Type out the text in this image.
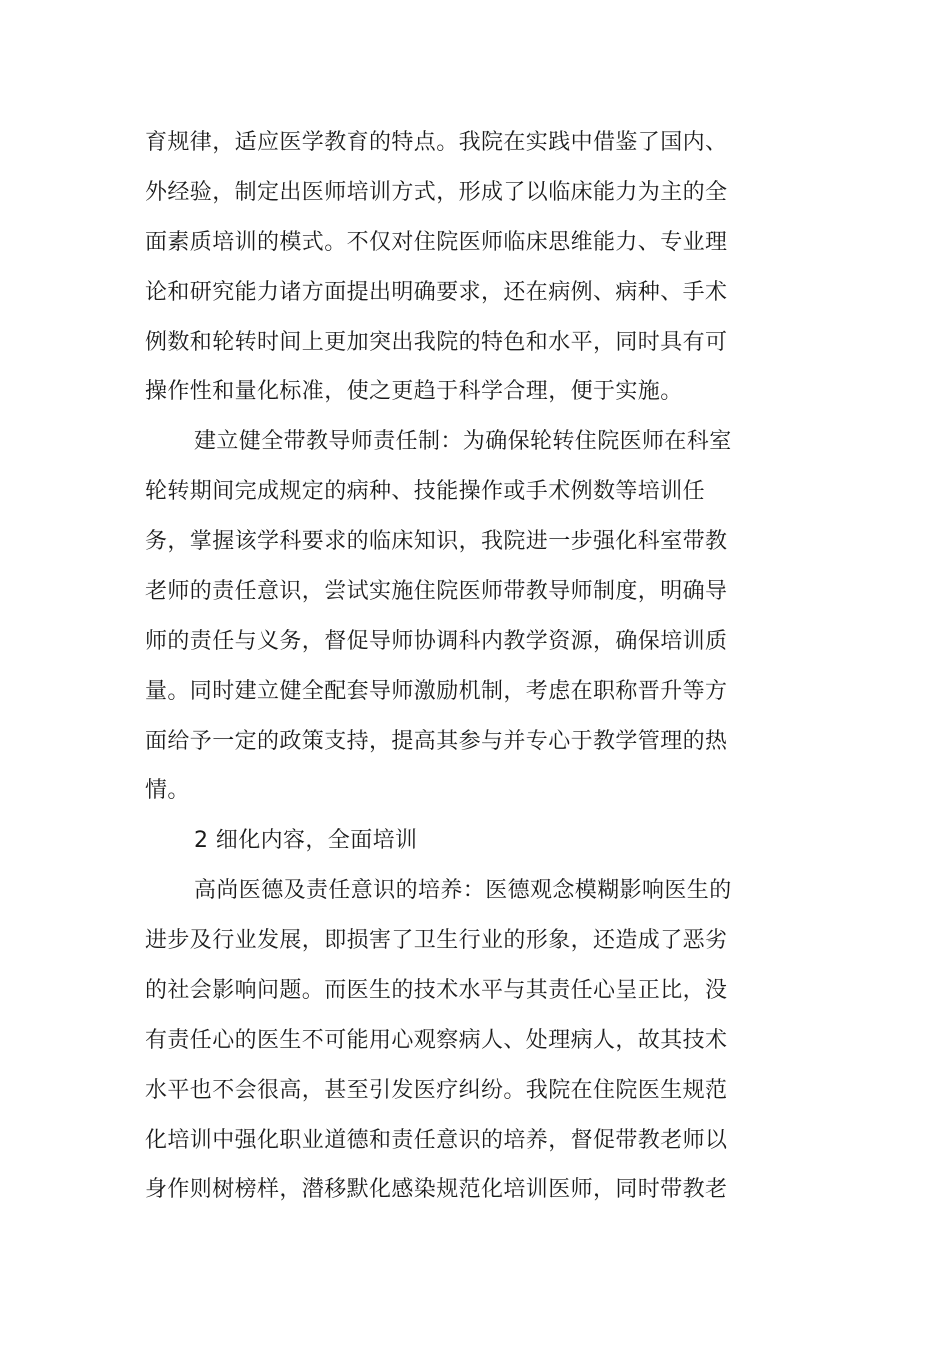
育规律，适应医学教育的特点。我院在实践中借鉴了国内、
外经验，制定出医师培训方式，形成了以临床能力为主的全
面素质培训的模式。不仅对住院医师临床思维能力、专业理
论和研究能力诸方面提出明确要求，还在病例、病种、手术
例数和轮转时间上更加突出我院的特色和水平，同时具有可
操作性和量化标准，使之更趋于科学合理，便于实施。
建立健全带教导师责任制：为确保轮转住院医师在科室
轮转期间完成规定的病种、技能操作或手术例数等培训任
务，掌握该学科要求的临床知识，我院进一步强化科室带教
老师的责任意识，尝试实施住院医师带教导师制度，明确导
师的责任与义务，督促导师协调科内教学资源，确保培训质
量。同时建立健全配套导师激励机制，考虑在职称晋升等方
面给予一定的政策支持，提高其参与并专心于教学管理的热
情。
2 细化内容，全面培训
高尚医德及责任意识的培养：医德观念模糊影响医生的
进步及行业发展，即损害了卫生行业的形象，还造成了恶劣
的社会影响问题。而医生的技术水平与其责任心呈正比，没
有责任心的医生不可能用心观察病人、处理病人，故其技术
水平也不会很高，甚至引发医疗纠纷。我院在住院医生规范
化培训中强化职业道德和责任意识的培养，督促带教老师以
身作则树榜样，潜移默化感染规范化培训医师，同时带教老
